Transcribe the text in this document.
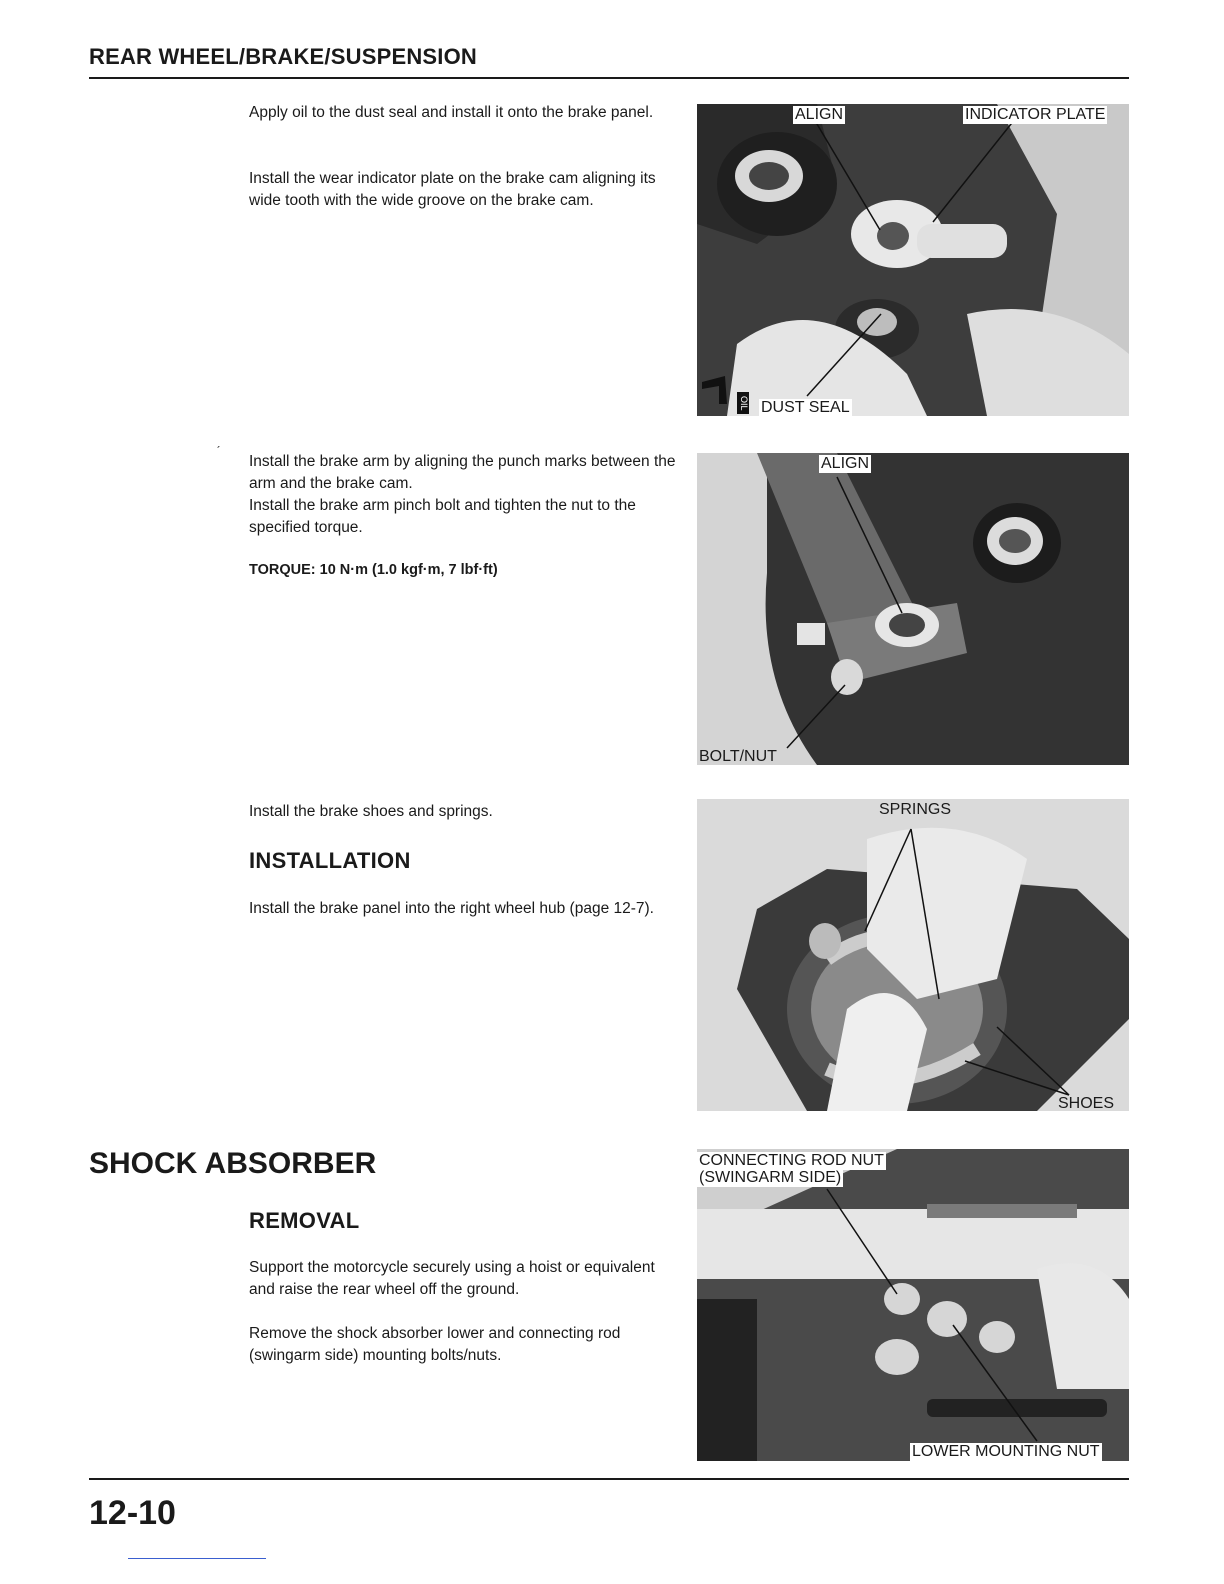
REAR WHEEL/BRAKE/SUSPENSION

Apply oil to the dust seal and install it onto the brake panel.

Install the wear indicator plate on the brake cam aligning its wide tooth with the wide groove on the brake cam.

ALIGN	INDICATOR PLATE
OIL DUST SEAL
ˊ

Install the brake arm by aligning the punch marks between the arm and the brake cam.

Install the brake arm pinch bolt and tighten the nut to the specified torque.

TORQUE: 10 N·m (1.0 kgf·m, 7 lbf·ft)
ALIGN
BOLT/NUT

Install the brake shoes and springs.

INSTALLATION

Install the brake panel into the right wheel hub (page 12-7).

SPRINGS
SHOES
SHOCK ABSORBER
REMOVAL

Support the motorcycle securely using a hoist or equivalent and raise the rear wheel off the ground.

Remove the shock absorber lower and connecting rod (swingarm side) mounting bolts/nuts.

CONNECTING ROD NUT
(SWINGARM SIDE)
LOWER MOUNTING NUT
12-10
